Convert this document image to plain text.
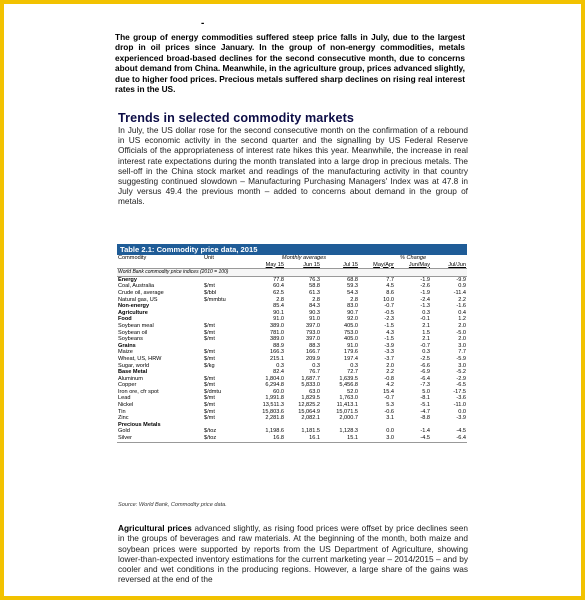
-
The group of energy commodities suffered steep price falls in July, due to the largest drop in oil prices since January. In the group of non-energy commodities, metals experienced broad-based declines for the second consecutive month, due to concerns about demand from China. Meanwhile, in the agriculture group, prices advanced slightly, due to higher food prices. Precious metals suffered sharp declines on rising real interest rates in the US.
Trends in selected commodity markets
In July, the US dollar rose for the second consecutive month on the confirmation of a rebound in US economic activity in the second quarter and the signalling by US Federal Reserve Officials of the appropriateness of interest rate hikes this year. Meanwhile, the increase in real interest rate expectations during the month translated into a large drop in precious metals. The sell-off in the China stock market and readings of the manufacturing activity in that country suggesting continued slowdown – Manufacturing Purchasing Managers' Index was at 47.8 in July versus 49.4 the previous month – added to concerns about demand in the group of metals.
Table 2.1: Commodity price data, 2015
Commodity	Unit	Monthly averages			% Change		
		May 15	Jun 15	Jul 15	May/Apr	Jun/May	Jul/Jun
World Bank commodity price indices (2010 = 100)							
Energy		77.8	76.3	68.8	7.7	-1.9	-9.9
Coal, Australia	$/mt	60.4	58.8	59.3	4.5	-2.6	0.9
Crude oil, average	$/bbl	62.5	61.3	54.3	8.6	-1.9	-11.4
Natural gas, US	$/mmbtu	2.8	2.8	2.8	10.0	-2.4	2.2
Non-energy		85.4	84.3	83.0	-0.7	-1.3	-1.6
Agriculture		90.1	90.3	90.7	-0.5	0.3	0.4
Food		91.0	91.0	92.0	-2.3	-0.1	1.2
Soybean meal	$/mt	389.0	397.0	405.0	-1.5	2.1	2.0
Soybean oil	$/mt	781.0	793.0	753.0	4.3	1.5	-5.0
Soybeans	$/mt	389.0	397.0	405.0	-1.5	2.1	2.0
Grains		88.9	88.3	91.0	-3.9	-0.7	3.0
Maize	$/mt	166.3	166.7	179.6	-3.3	0.3	7.7
Wheat, US, HRW	$/mt	215.1	209.9	197.4	-3.7	-2.5	-5.9
Sugar, world	$/kg	0.3	0.3	0.3	2.0	-6.6	3.0
Base Metal		82.4	76.7	72.7	2.2	-6.9	-5.2
Aluminum	$/mt	1,804.0	1,687.7	1,639.5	-0.8	-6.4	-2.9
Copper	$/mt	6,294.8	5,833.0	5,456.8	4.2	-7.3	-6.5
Iron ore, cfr spot	$/dmtu	60.0	63.0	52.0	15.4	5.0	-17.5
Lead	$/mt	1,991.8	1,829.5	1,763.0	-0.7	-8.1	-3.6
Nickel	$/mt	13,511.3	12,825.2	11,413.1	5.3	-5.1	-11.0
Tin	$/mt	15,803.6	15,064.9	15,071.5	-0.6	-4.7	0.0
Zinc	$/mt	2,281.8	2,082.1	2,000.7	3.1	-8.8	-3.9
Precious Metals							
Gold	$/toz	1,198.6	1,181.5	1,128.3	0.0	-1.4	-4.5
Silver	$/toz	16.8	16.1	15.1	3.0	-4.5	-6.4
Source: World Bank, Commodity price data.
Agricultural prices advanced slightly, as rising food prices were offset by price declines seen in the groups of beverages and raw materials. At the beginning of the month, both maize and soybean prices were supported by reports from the US Department of Agriculture, showing lower-than-expected inventory estimations for the current marketing year – 2014/2015 – and by cooler and wet conditions in the producing regions. However, a large share of the gains was reversed at the end of the
